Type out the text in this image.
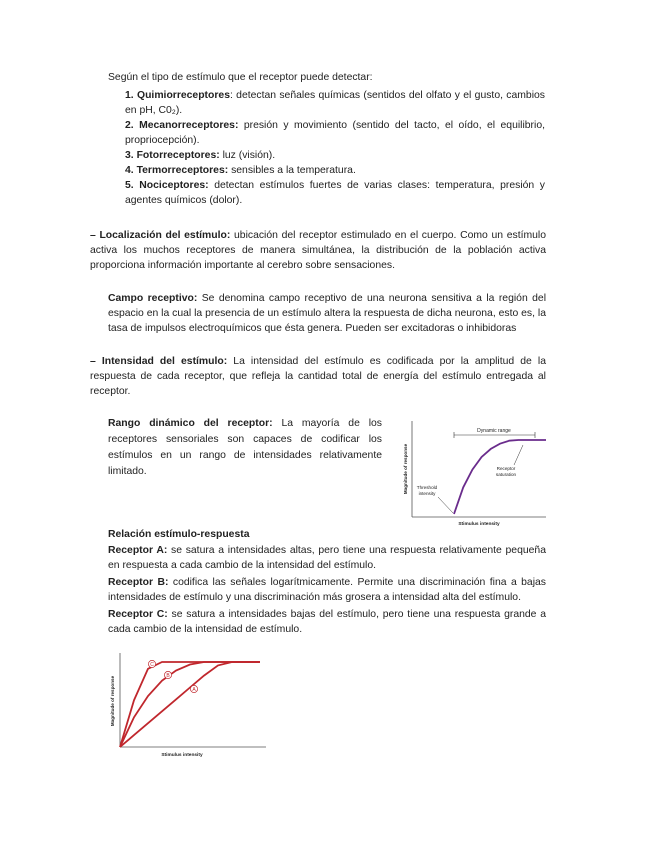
Según el tipo de estímulo que el receptor puede detectar:
1. Quimiorreceptores: detectan señales químicas (sentidos del olfato y el gusto, cambios en pH, C0₂).
2. Mecanorreceptores: presión y movimiento (sentido del tacto, el oído, el equilibrio, propriocepción).
3. Fotorreceptores: luz (visión).
4. Termorreceptores: sensibles a la temperatura.
5. Nociceptores: detectan estímulos fuertes de varias clases: temperatura, presión y agentes químicos (dolor).
– Localización del estímulo: ubicación del receptor estimulado en el cuerpo. Como un estímulo activa los muchos receptores de manera simultánea, la distribución de la población activa proporciona información importante al cerebro sobre sensaciones.
Campo receptivo: Se denomina campo receptivo de una neurona sensitiva a la región del espacio en la cual la presencia de un estímulo altera la respuesta de dicha neurona, esto es, la tasa de impulsos electroquímicos que ésta genera. Pueden ser excitadoras o inhibidoras
– Intensidad del estímulo: La intensidad del estímulo es codificada por la amplitud de la respuesta de cada receptor, que refleja la cantidad total de energía del estímulo entregada al receptor.
Rango dinámico del receptor: La mayoría de los receptores sensoriales son capaces de codificar los estímulos en un rango de intensidades relativamente limitado.
Dynamic range
Receptor saturation
Threshold intensity
Stimulus intensity
Magnitude of response
Relación estímulo-respuesta
Receptor A: se satura a intensidades altas, pero tiene una respuesta relativamente pequeña en respuesta a cada cambio de la intensidad del estímulo.
Receptor B: codifica las señales logarítmicamente. Permite una discriminación fina a bajas intensidades de estímulo y una discriminación más grosera a intensidad alta del estímulo.
Receptor C: se satura a intensidades bajas del estímulo, pero tiene una respuesta grande a cada cambio de la intensidad de estímulo.
C
B
A
Stimulus intensity
Magnitude of response
